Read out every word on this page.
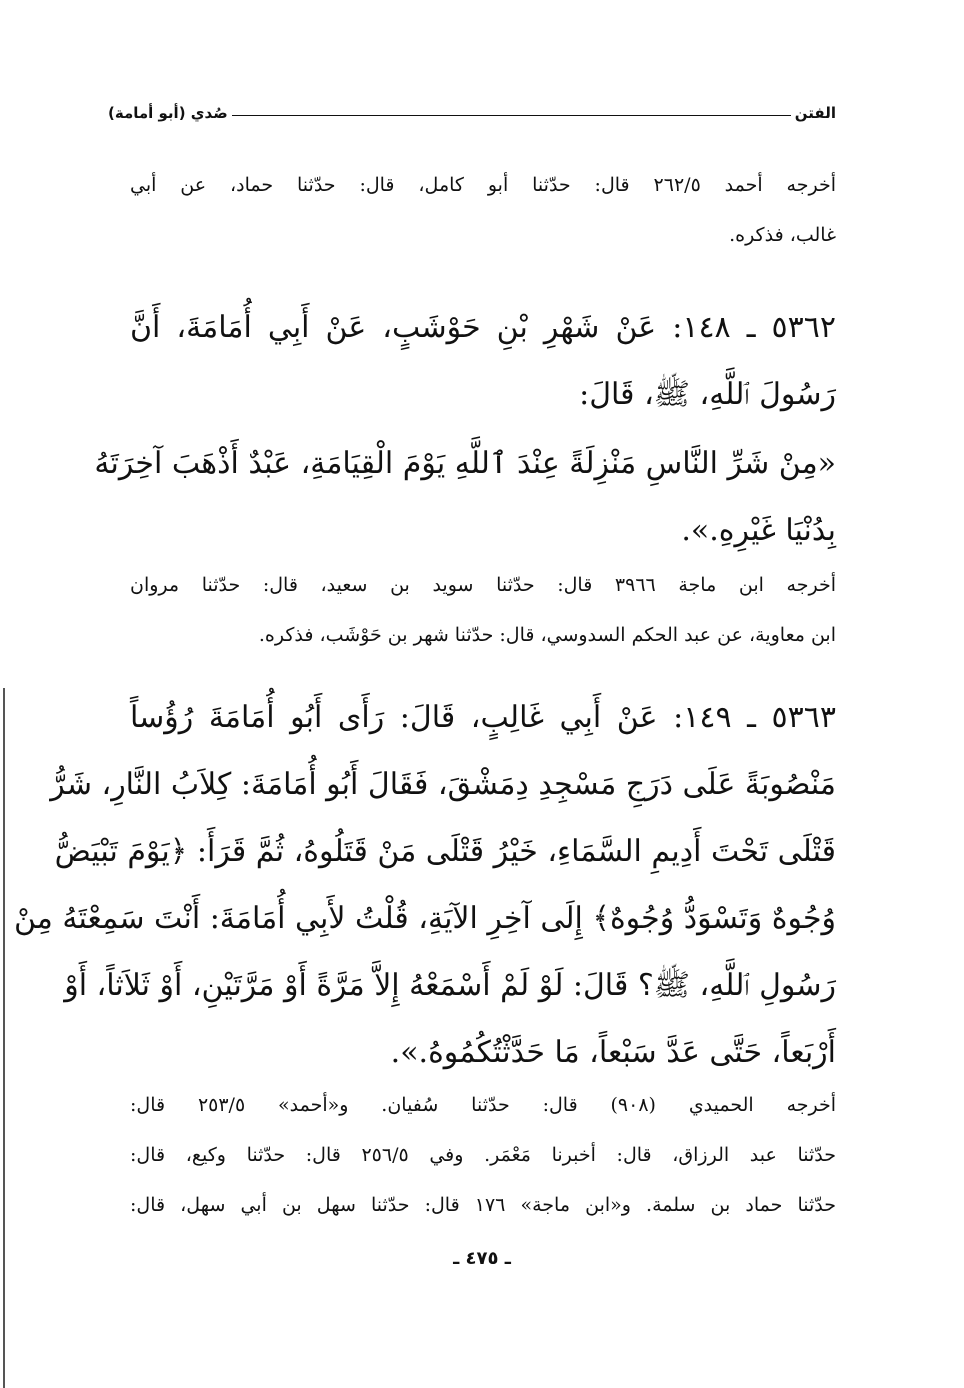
الفتن
صُدي (أبو أمامة)
أخرجه أحمد ٢٦٢/٥ قال: حدّثنا أبو كامل، قال: حدّثنا حماد، عن أبي
غالب، فذكره.
٥٣٦٢ ـ ١٤٨: عَنْ شَهْرِ بْنِ حَوْشَبٍ، عَنْ أَبِي أُمَامَةَ، أَنَّ
رَسُولَ ٱللَّهِ، ﷺ، قَالَ:
«مِنْ شَرِّ النَّاسِ مَنْزِلَةً عِنْدَ ٱللَّهِ يَوْمَ الْقِيَامَةِ، عَبْدٌ أَذْهَبَ آخِرَتَهُ
بِدُنْيَا غَيْرِهِ.».
أخرجه ابن ماجة ٣٩٦٦ قال: حدّثنا سويد بن سعيد، قال: حدّثنا مروان
ابن معاوية، عن عبد الحكم السدوسي، قال: حدّثنا شهر بن حَوْشَب، فذكره.
٥٣٦٣ ـ ١٤٩: عَنْ أَبِي غَالِبٍ، قَالَ: رَأَى أَبُو أُمَامَةَ رُؤُساً
مَنْصُوبَةً عَلَى دَرَجِ مَسْجِدِ دِمَشْقَ، فَقَالَ أَبُو أُمَامَةَ: كِلاَبُ النَّارِ، شَرُّ
قَتْلَى تَحْتَ أَدِيمِ السَّمَاءِ، خَيْرُ قَتْلَى مَنْ قَتَلُوهُ، ثُمَّ قَرَأَ: ﴿يَوْمَ تَبْيَضُّ
وُجُوهٌ وَتَسْوَدُّ وُجُوهٌ﴾ إِلَى آخِرِ الآيَةِ، قُلْتُ لأَبِي أُمَامَةَ: أَنْتَ سَمِعْتَهُ مِنْ
رَسُولِ ٱللَّهِ، ﷺ؟ قَالَ: لَوْ لَمْ أَسْمَعْهُ إِلاَّ مَرَّةً أَوْ مَرَّتَيْنِ، أَوْ ثَلاَثاً، أَوْ
أَرْبَعاً، حَتَّى عَدَّ سَبْعاً، مَا حَدَّثْتُكُمُوهُ.».
أخرجه الحميدي (٩٠٨) قال: حدّثنا سُفيان. و«أحمد» ٢٥٣/٥ قال:
حدّثنا عبد الرزاق، قال: أخبرنا مَعْمَر. وفي ٢٥٦/٥ قال: حدّثنا وكيع، قال:
حدّثنا حماد بن سلمة. و«ابن ماجة» ١٧٦ قال: حدّثنا سهل بن أبي سهل، قال:
ـ ٤٧٥ ـ
